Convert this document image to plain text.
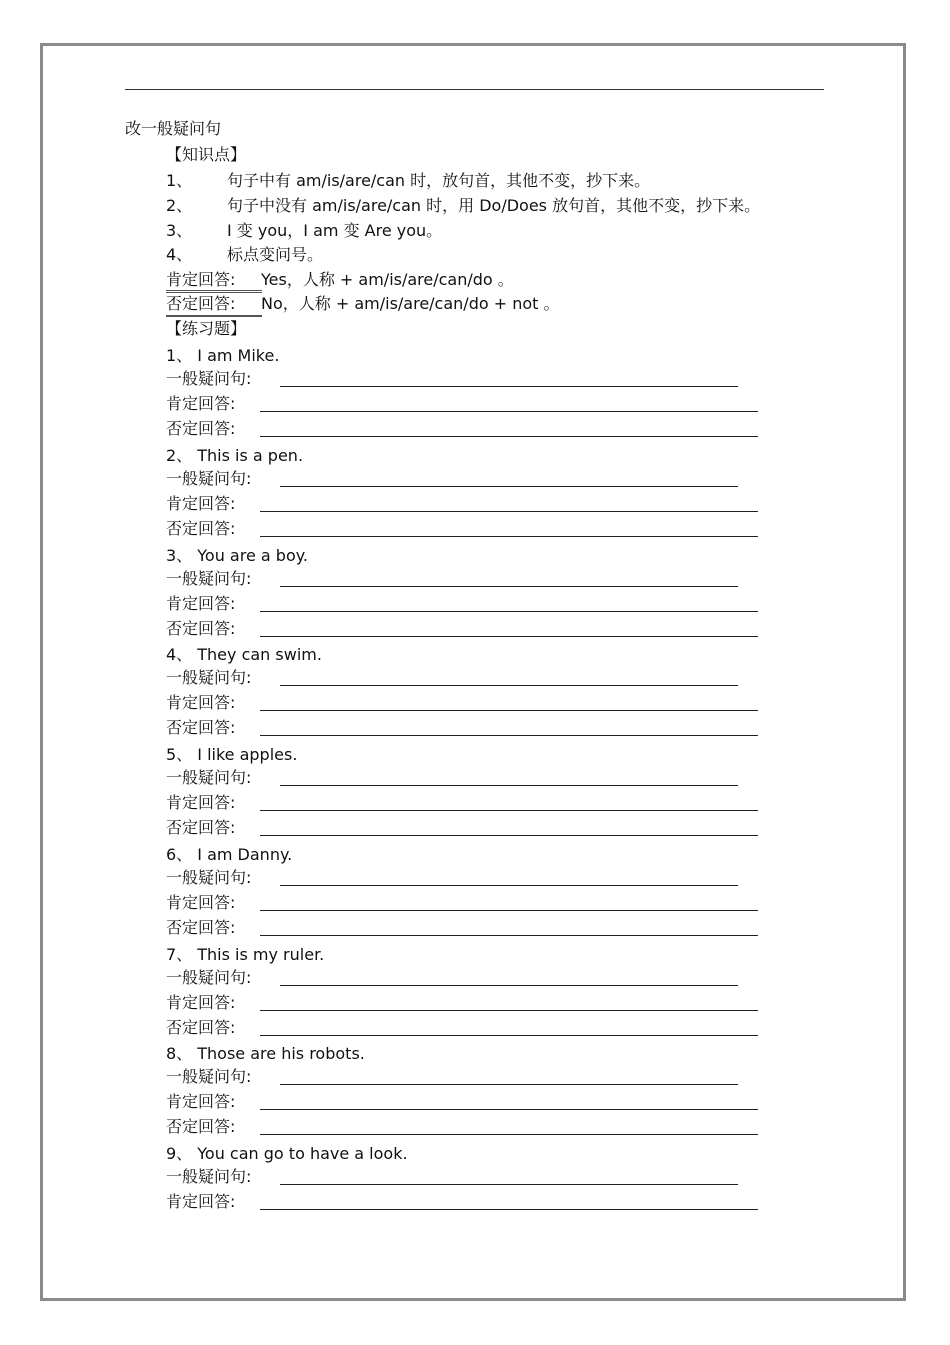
改一般疑问句
【知识点】
1、 句子中有 am/is/are/can 时，放句首，其他不变，抄下来。
2、 句子中没有 am/is/are/can 时，用 Do/Does 放句首，其他不变，抄下来。
3、 I 变 you，I am 变 Are you。
4、 标点变问号。
肯定回答: Yes，人称 + am/is/are/can/do 。
否定回答: No，人称 + am/is/are/can/do + not 。
【练习题】
1、 I am Mike.
一般疑问句:
肯定回答:
否定回答:
2、 This is a pen.
一般疑问句:
肯定回答:
否定回答:
3、 You are a boy.
一般疑问句:
肯定回答:
否定回答:
4、 They can swim.
一般疑问句:
肯定回答:
否定回答:
5、 I like apples.
一般疑问句:
肯定回答:
否定回答:
6、 I am Danny.
一般疑问句:
肯定回答:
否定回答:
7、 This is my ruler.
一般疑问句:
肯定回答:
否定回答:
8、 Those are his robots.
一般疑问句:
肯定回答:
否定回答:
9、 You can go to have a look.
一般疑问句:
肯定回答:
